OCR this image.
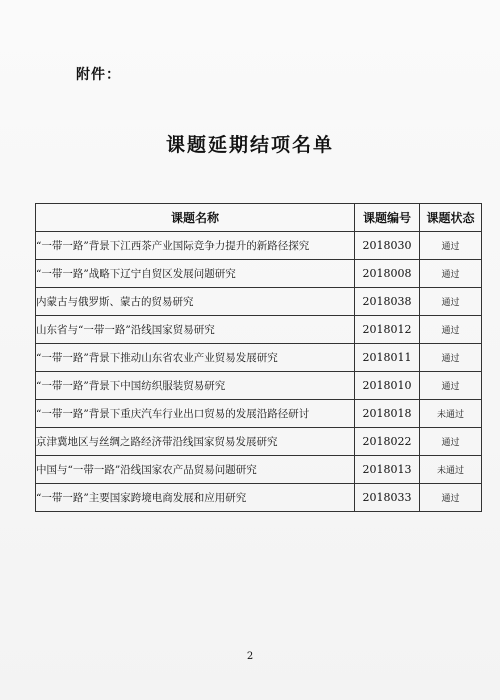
附件：
课题延期结项名单
课题名称	课题编号	课题状态
“一带一路”背景下江西茶产业国际竞争力提升的新路径探究	2018030	通过
“一带一路”战略下辽宁自贸区发展问题研究	2018008	通过
内蒙古与俄罗斯、蒙古的贸易研究	2018038	通过
山东省与“一带一路”沿线国家贸易研究	2018012	通过
“一带一路”背景下推动山东省农业产业贸易发展研究	2018011	通过
“一带一路”背景下中国纺织服装贸易研究	2018010	通过
“一带一路”背景下重庆汽车行业出口贸易的发展沿路径研讨	2018018	未通过
京津冀地区与丝绸之路经济带沿线国家贸易发展研究	2018022	通过
中国与“一带一路”沿线国家农产品贸易问题研究	2018013	未通过
“一带一路”主要国家跨境电商发展和应用研究	2018033	通过
2
